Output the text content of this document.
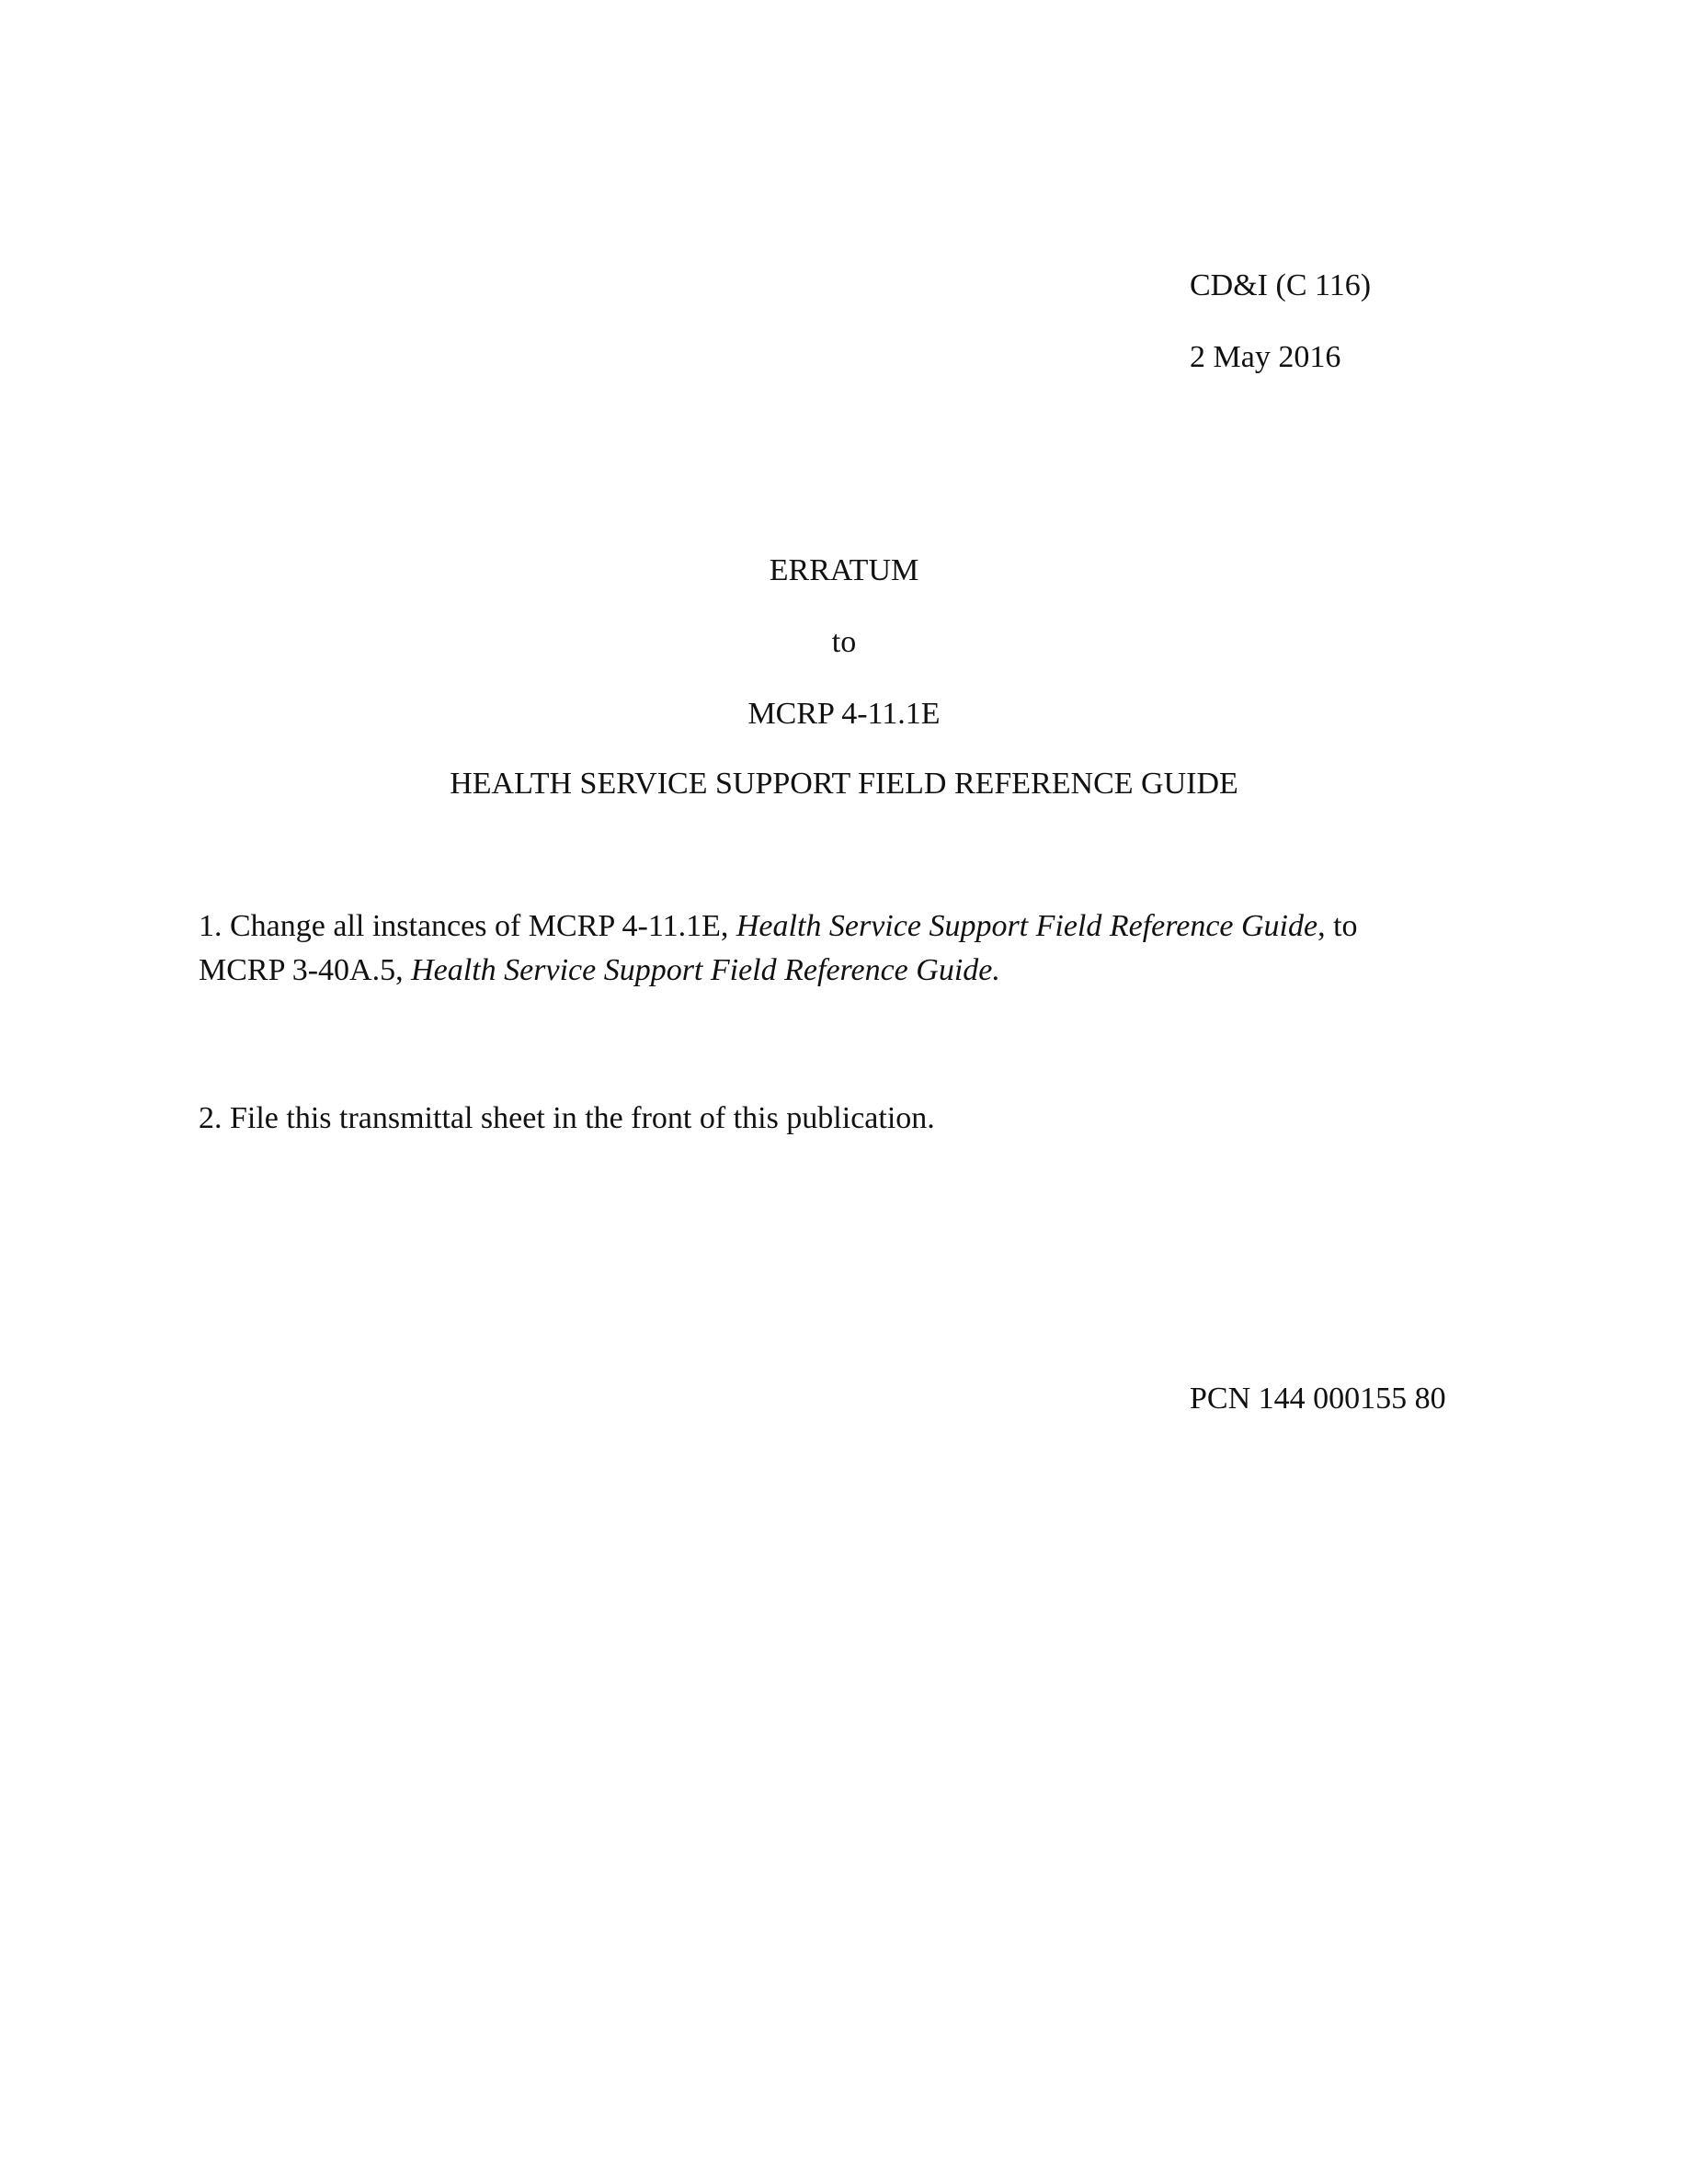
CD&I (C 116)
2 May 2016
ERRATUM
to
MCRP 4-11.1E
HEALTH SERVICE SUPPORT FIELD REFERENCE GUIDE
1. Change all instances of MCRP 4-11.1E, Health Service Support Field Reference Guide, to
MCRP 3-40A.5, Health Service Support Field Reference Guide.
2. File this transmittal sheet in the front of this publication.
PCN 144 000155 80
